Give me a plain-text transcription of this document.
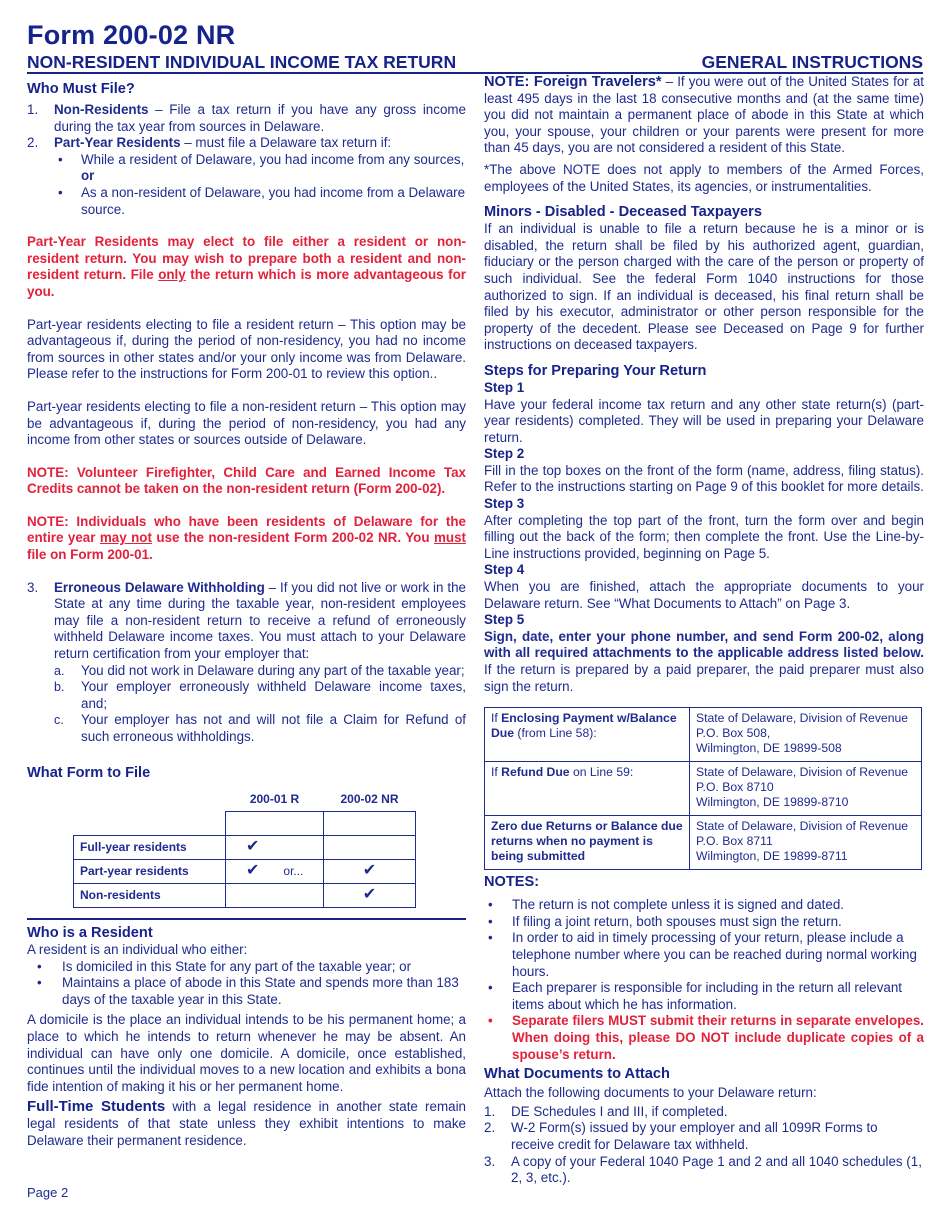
Form 200-02 NR
NON-RESIDENT INDIVIDUAL INCOME TAX RETURN	GENERAL INSTRUCTIONS
Who Must File?
1.	Non-Residents – File a tax return if you have any gross income during the tax year from sources in Delaware.
2.	Part-Year Residents – must file a Delaware tax return if:
•	While a resident of Delaware, you had income from any sources, or
•	As a non-resident of Delaware, you had income from a Delaware source.

Part-Year Residents may elect to file either a resident or non-resident return. You may wish to prepare both a resident and non-resident return. File only the return which is more advantageous for you.

Part-year residents electing to file a resident return – This option may be advantageous if, during the period of non-residency, you had no income from sources in other states and/or your only income was from Delaware. Please refer to the instructions for Form 200-01 to review this option..

Part-year residents electing to file a non-resident return – This option may be advantageous if, during the period of non-residency, you had any income from other states or sources outside of Delaware.

NOTE: Volunteer Firefighter, Child Care and Earned Income Tax Credits cannot be taken on the non-resident return (Form 200-02).

NOTE: Individuals who have been residents of Delaware for the entire year may not use the non-resident Form 200-02 NR. You must file on Form 200-01.

3.	Erroneous Delaware Withholding – If you did not live or work in the State at any time during the taxable year, non-resident employees may file a non-resident return to receive a refund of erroneously withheld Delaware income taxes. You must attach to your Delaware return certification from your employer that:
a.	You did not work in Delaware during any part of the taxable year;
b.	Your employer erroneously withheld Delaware income taxes, and;
c.	Your employer has not and will not file a Claim for Refund of such erroneous withholdings.
What Form to File
	200-01 R	200-02 NR

Full-year residents	✔	
Part-year residents	✔ or...	✔
Non-residents		✔
Who is a Resident

A resident is an individual who either:

•	Is domiciled in this State for any part of the taxable year; or
•	Maintains a place of abode in this State and spends more than 183 days of the taxable year in this State.

A domicile is the place an individual intends to be his permanent home; a place to which he intends to return whenever he may be absent. An individual can have only one domicile. A domicile, once established, continues until the individual moves to a new location and exhibits a bona fide intention of making it his or her permanent home.

Full-Time Students with a legal residence in another state remain legal residents of that state unless they exhibit intentions to make Delaware their permanent residence.

Page 2

NOTE: Foreign Travelers* – If you were out of the United States for at least 495 days in the last 18 consecutive months and (at the same time) you did not maintain a permanent place of abode in this State at which you, your spouse, your children or your parents were present for more than 45 days, you are not considered a resident of this State.

*The above NOTE does not apply to members of the Armed Forces, employees of the United States, its agencies, or instrumentalities.

Minors - Disabled - Deceased Taxpayers

If an individual is unable to file a return because he is a minor or is disabled, the return shall be filed by his authorized agent, guardian, fiduciary or the person charged with the care of the person or property of such individual. See the federal Form 1040 instructions for those authorized to sign. If an individual is deceased, his final return shall be filed by his executor, administrator or other person responsible for the property of the decedent. Please see Deceased on Page 9 for further instructions on deceased taxpayers.

Steps for Preparing Your Return
Step 1

Have your federal income tax return and any other state return(s) (part-year residents) completed. They will be used in preparing your Delaware return.

Step 2

Fill in the top boxes on the front of the form (name, address, filing status). Refer to the instructions starting on Page 9 of this booklet for more details.

Step 3

After completing the top part of the front, turn the form over and begin filling out the back of the form; then complete the front. Use the Line-by-Line instructions provided, beginning on Page 5.

Step 4

When you are finished, attach the appropriate documents to your Delaware return. See “What Documents to Attach” on Page 3.

Step 5

Sign, date, enter your phone number, and send Form 200-02, along with all required attachments to the applicable address listed below. If the return is prepared by a paid preparer, the paid preparer must also sign the return.

If Enclosing Payment w/Balance Due (from Line 58):	State of Delaware, Division of Revenue
P.O. Box 508,
Wilmington, DE 19899-508

If Refund Due on Line 59:	State of Delaware, Division of Revenue
P.O. Box 8710
Wilmington, DE 19899-8710

Zero due Returns or Balance due returns when no payment is being submitted	State of Delaware, Division of Revenue
P.O. Box 8711
Wilmington, DE 19899-8711
NOTES:
•	The return is not complete unless it is signed and dated.
•	If filing a joint return, both spouses must sign the return.
•	In order to aid in timely processing of your return, please include a telephone number where you can be reached during normal working hours.
•	Each preparer is responsible for including in the return all relevant items about which he has information.
•	Separate filers MUST submit their returns in separate envelopes. When doing this, please DO NOT include duplicate copies of a spouse’s return.
What Documents to Attach

Attach the following documents to your Delaware return:

1.	DE Schedules I and III, if completed.
2.	W-2 Form(s) issued by your employer and all 1099R Forms to receive credit for Delaware tax withheld.
3.	A copy of your Federal 1040 Page 1 and 2 and all 1040 schedules (1, 2, 3, etc.).
